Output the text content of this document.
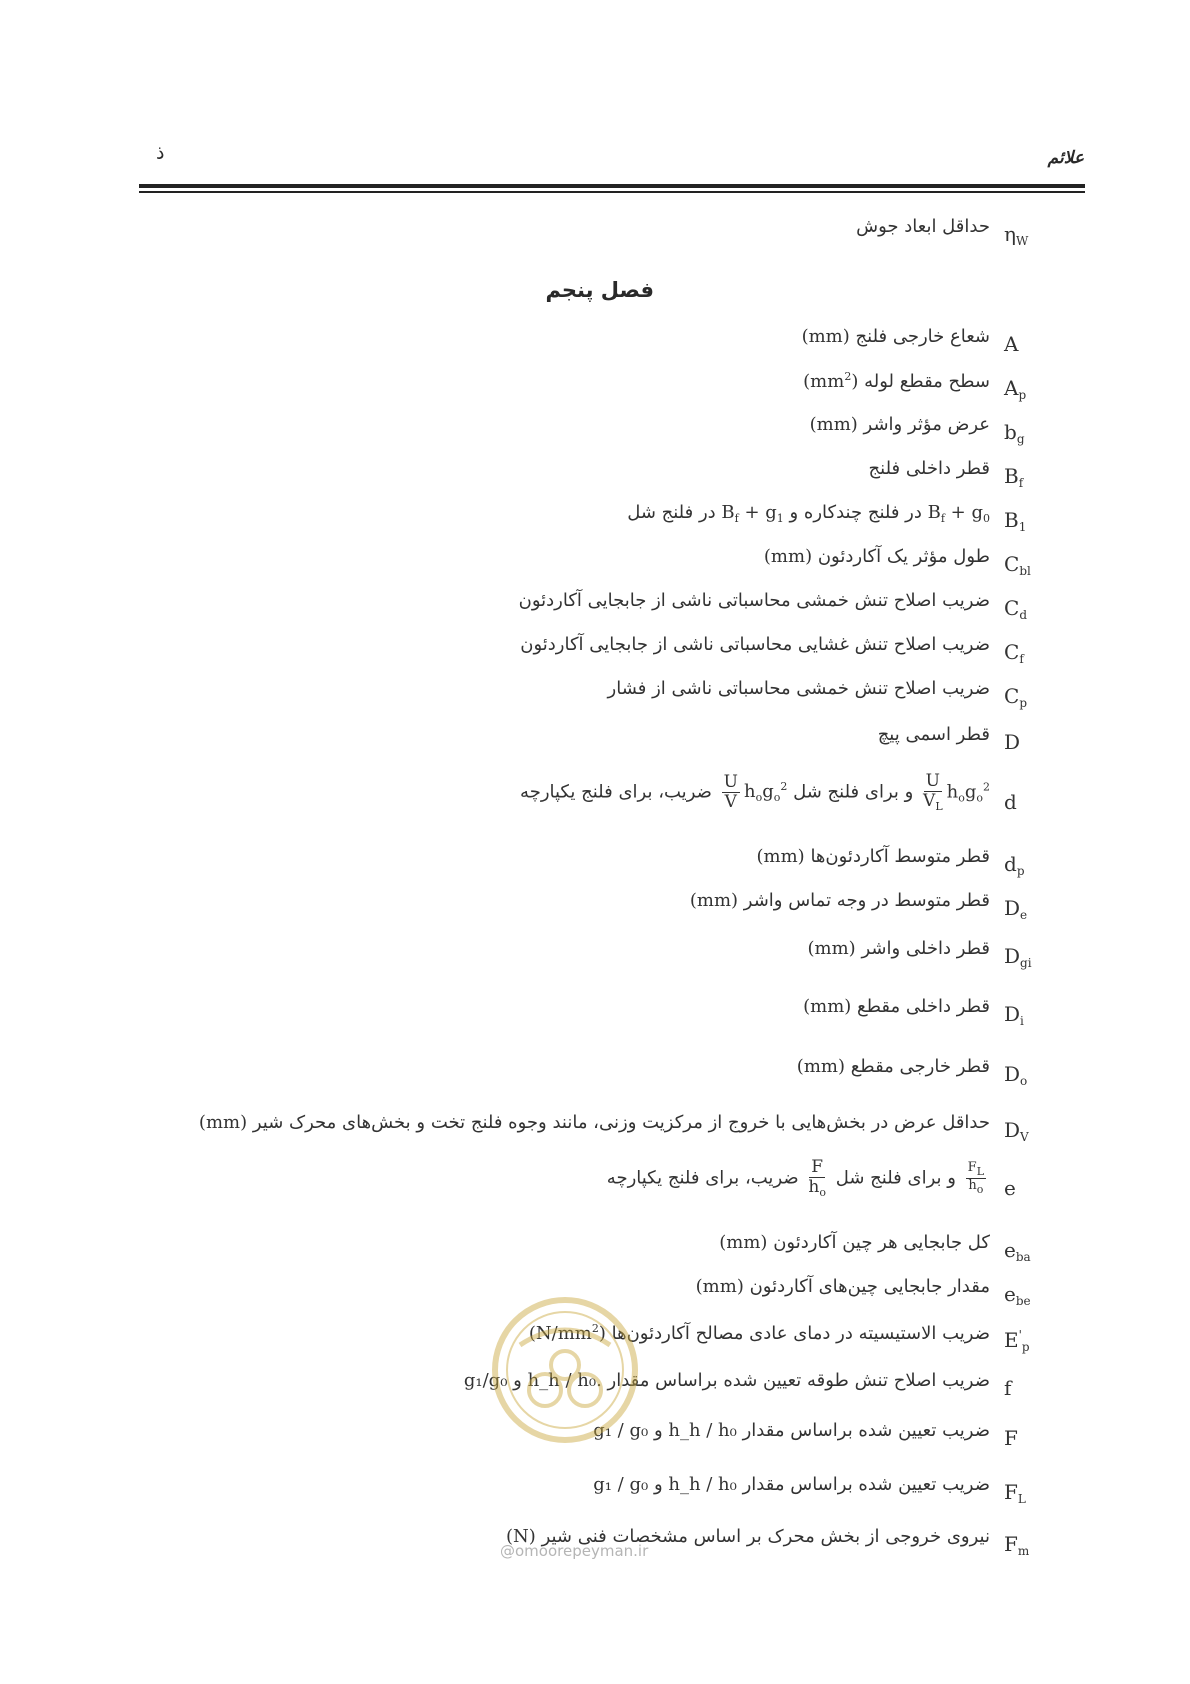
علائم
ذ
$\eta_W$
حداقل ابعاد جوش
فصل پنجم
A
شعاع خارجی فلنج (mm)
$A_p$
سطح مقطع لوله $(mm^2)$
$b_g$
عرض مؤثر واشر (mm)
$B_f$
قطر داخلی فلنج
$B_1$
$B_f + g_0$ در فلنج چندکاره و $B_f + g_1$ در فلنج شل
$C_{bl}$
طول مؤثر یک آکاردئون (mm)
$C_d$
ضریب اصلاح تنش خمشی محاسباتی ناشی از جابجایی آکاردئون
$C_f$
ضریب اصلاح تنش غشایی محاسباتی ناشی از جابجایی آکاردئون
$C_p$
ضریب اصلاح تنش خمشی محاسباتی ناشی از فشار
D
قطر اسمی پیچ
d
$\frac{U}{V_L} h_og_o^2$ و برای فلنج شل
$\frac{U}{V} h_og_o^2$ ضریب، برای فلنج یکپارچه
$d_p$
قطر متوسط آکاردئون‌ها (mm)
$D_e$
قطر متوسط در وجه تماس واشر (mm)
$D_{gi}$
قطر داخلی واشر (mm)
$D_i$
قطر داخلی مقطع (mm)
$D_o$
قطر خارجی مقطع (mm)
$D_V$
حداقل عرض در بخش‌هایی با خروج از مرکزیت وزنی، مانند وجوه فلنج تخت و بخش‌های محرک شیر (mm)
e
$\frac{F_L}{h_o}$
و برای فلنج شل
$\frac{F}{h_o}$
ضریب، برای فلنج یکپارچه
$e_{ba}$
کل جابجایی هر چین آکاردئون (mm)
$e_{be}$
مقدار جابجایی چین‌های آکاردئون (mm)
$E'_p$
ضریب الاستیسیته در دمای عادی مصالح آکاردئون‌ها $(N/mm^2)$
f
ضریب اصلاح تنش طوقه تعیین شده براساس مقدار g₁/g₀ و h_h / h₀.
F
ضریب تعیین شده براساس مقدار g₁ / g₀ و h_h / h₀
$F_L$
ضریب تعیین شده براساس مقدار g₁ / g₀ و h_h / h₀
$F_m$
نیروی خروجی از بخش محرک بر اساس مشخصات فنی شیر (N)
@omoorepeyman.ir
